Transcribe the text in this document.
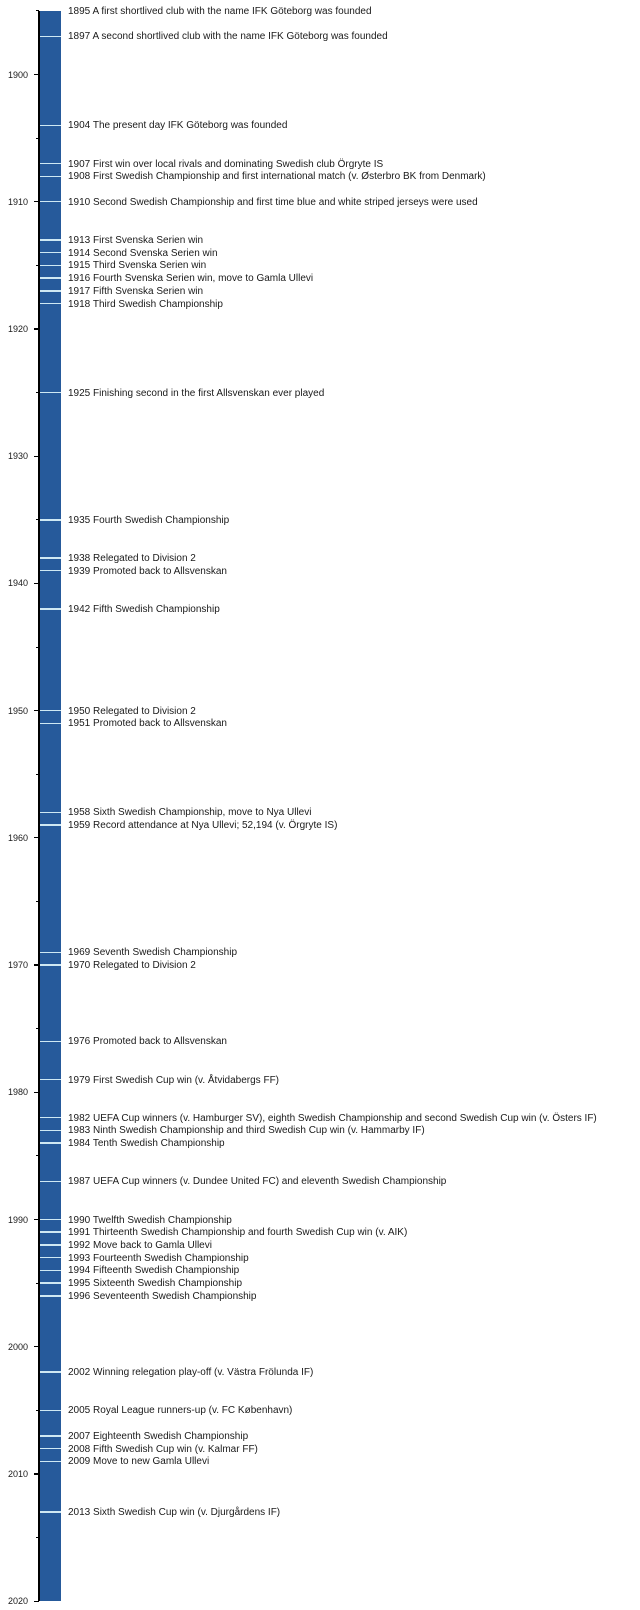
1900
1910
1920
1930
1940
1950
1960
1970
1980
1990
2000
2010
2020
1895 A first shortlived club with the name IFK Göteborg was founded
1897 A second shortlived club with the name IFK Göteborg was founded
1904 The present day IFK Göteborg was founded
1907 First win over local rivals and dominating Swedish club Örgryte IS
1908 First Swedish Championship and first international match (v. Østerbro BK from Denmark)
1910 Second Swedish Championship and first time blue and white striped jerseys were used
1913 First Svenska Serien win
1914 Second Svenska Serien win
1915 Third Svenska Serien win
1916 Fourth Svenska Serien win, move to Gamla Ullevi
1917 Fifth Svenska Serien win
1918 Third Swedish Championship
1925 Finishing second in the first Allsvenskan ever played
1935 Fourth Swedish Championship
1938 Relegated to Division 2
1939 Promoted back to Allsvenskan
1942 Fifth Swedish Championship
1950 Relegated to Division 2
1951 Promoted back to Allsvenskan
1958 Sixth Swedish Championship, move to Nya Ullevi
1959 Record attendance at Nya Ullevi; 52,194 (v. Örgryte IS)
1969 Seventh Swedish Championship
1970 Relegated to Division 2
1976 Promoted back to Allsvenskan
1979 First Swedish Cup win (v. Åtvidabergs FF)
1982 UEFA Cup winners (v. Hamburger SV), eighth Swedish Championship and second Swedish Cup win (v. Östers IF)
1983 Ninth Swedish Championship and third Swedish Cup win (v. Hammarby IF)
1984 Tenth Swedish Championship
1987 UEFA Cup winners (v. Dundee United FC) and eleventh Swedish Championship
1990 Twelfth Swedish Championship
1991 Thirteenth Swedish Championship and fourth Swedish Cup win (v. AIK)
1992 Move back to Gamla Ullevi
1993 Fourteenth Swedish Championship
1994 Fifteenth Swedish Championship
1995 Sixteenth Swedish Championship
1996 Seventeenth Swedish Championship
2002 Winning relegation play-off (v. Västra Frölunda IF)
2005 Royal League runners-up (v. FC København)
2007 Eighteenth Swedish Championship
2008 Fifth Swedish Cup win (v. Kalmar FF)
2009 Move to new Gamla Ullevi
2013 Sixth Swedish Cup win (v. Djurgårdens IF)
